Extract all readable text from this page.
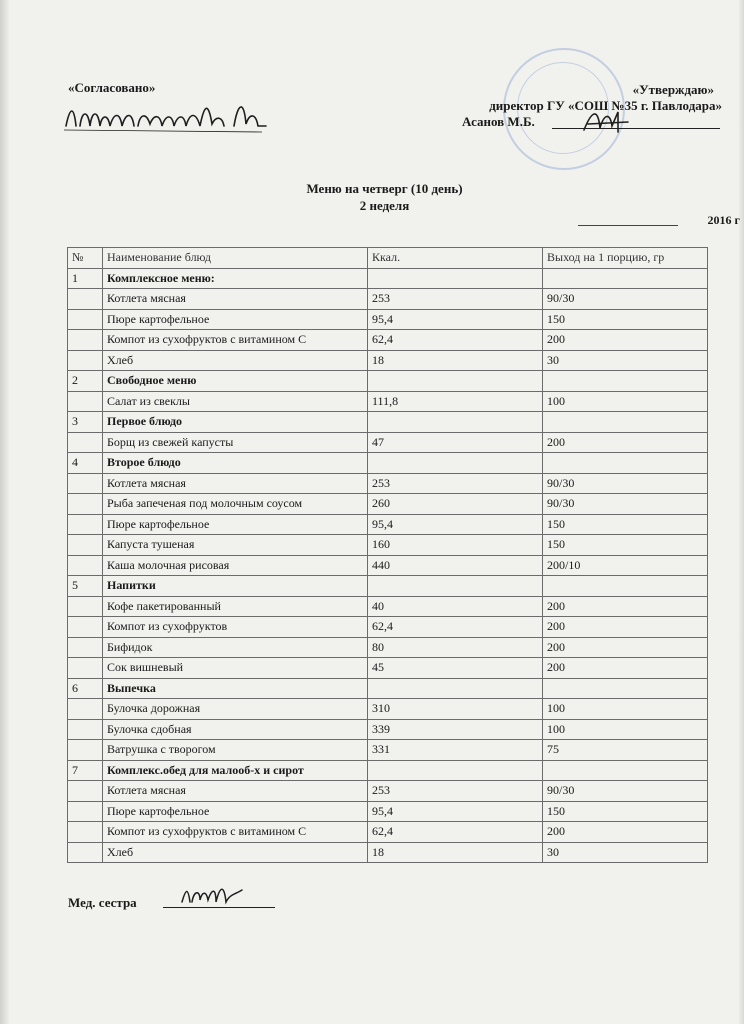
«Согласовано»	«Утверждаю»
директор ГУ «СОШ №35 г. Павлодара»
Асанов М.Б.
Меню на четверг (10 день)
2 неделя
2016 г
№	Наименование блюд	Ккал.	Выход на 1 порцию, гр
1	Комплексное меню:		
	Котлета мясная	253	90/30
	Пюре картофельное	95,4	150
	Компот из сухофруктов с витамином С	62,4	200
	Хлеб	18	30
2	Свободное меню		
	Салат из свеклы	111,8	100
3	Первое блюдо		
	Борщ из свежей капусты	47	200
4	Второе блюдо		
	Котлета мясная	253	90/30
	Рыба запеченая под молочным соусом	260	90/30
	Пюре картофельное	95,4	150
	Капуста тушеная	160	150
	Каша молочная рисовая	440	200/10
5	Напитки		
	Кофе пакетированный	40	200
	Компот из сухофруктов	62,4	200
	Бифидок	80	200
	Сок вишневый	45	200
6	Выпечка		
	Булочка дорожная	310	100
	Булочка сдобная	339	100
	Ватрушка с творогом	331	75
7	Комплекс.обед для малооб-х и сирот		
	Котлета мясная	253	90/30
	Пюре картофельное	95,4	150
	Компот из сухофруктов с витамином С	62,4	200
	Хлеб	18	30
Мед. сестра
